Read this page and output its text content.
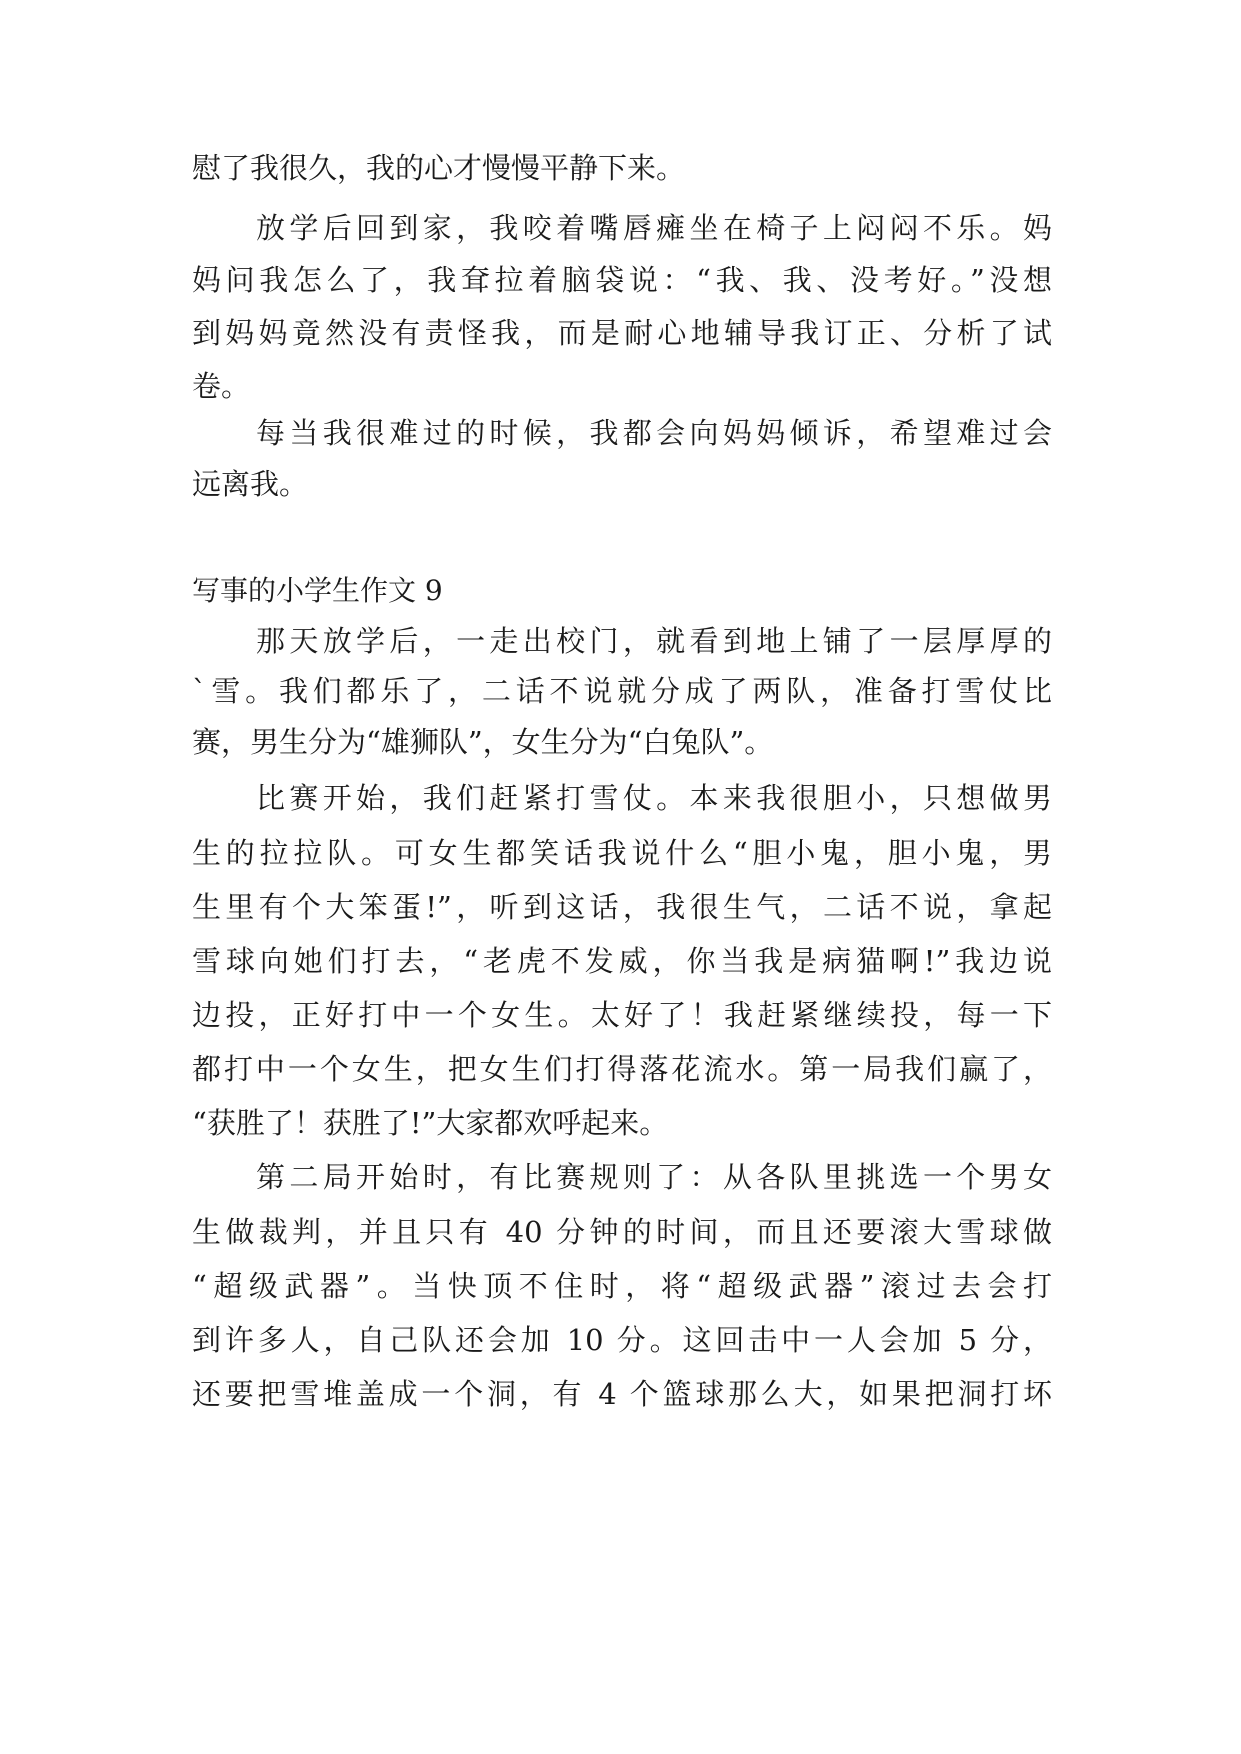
慰了我很久，我的心才慢慢平静下来。
放学后回到家，我咬着嘴唇瘫坐在椅子上闷闷不乐。妈
妈问我怎么了，我耷拉着脑袋说：“我、我、没考好。”没想
到妈妈竟然没有责怪我，而是耐心地辅导我订正、分析了试
卷。
每当我很难过的时候，我都会向妈妈倾诉，希望难过会
远离我。
写事的小学生作文 9
那天放学后，一走出校门，就看到地上铺了一层厚厚的
`雪。我们都乐了，二话不说就分成了两队，准备打雪仗比
赛，男生分为“雄狮队”，女生分为“白兔队”。
比赛开始，我们赶紧打雪仗。本来我很胆小，只想做男
生的拉拉队。可女生都笑话我说什么“胆小鬼，胆小鬼，男
生里有个大笨蛋!”，听到这话，我很生气，二话不说，拿起
雪球向她们打去，“老虎不发威，你当我是病猫啊!”我边说
边投，正好打中一个女生。太好了！我赶紧继续投，每一下
都打中一个女生，把女生们打得落花流水。第一局我们赢了，
“获胜了！获胜了!”大家都欢呼起来。
第二局开始时，有比赛规则了：从各队里挑选一个男女
生做裁判，并且只有 40 分钟的时间，而且还要滚大雪球做
“超级武器”。当快顶不住时，将“超级武器”滚过去会打
到许多人，自己队还会加 10 分。这回击中一人会加 5 分，
还要把雪堆盖成一个洞，有 4 个篮球那么大，如果把洞打坏
